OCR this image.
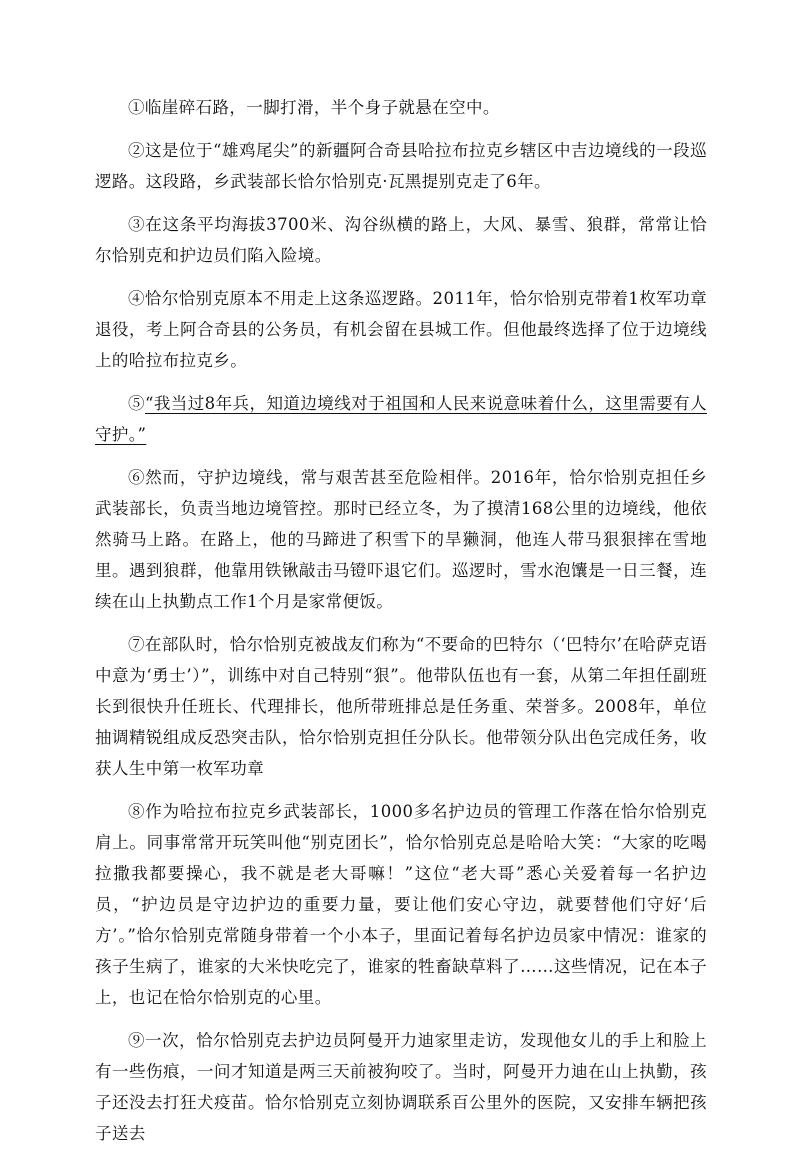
①临崖碎石路，一脚打滑，半个身子就悬在空中。

②这是位于“雄鸡尾尖”的新疆阿合奇县哈拉布拉克乡辖区中吉边境线的一段巡逻路。这段路，乡武装部长恰尔恰别克·瓦黑提别克走了6年。

③在这条平均海拔3700米、沟谷纵横的路上，大风、暴雪、狼群，常常让恰尔恰别克和护边员们陷入险境。

④恰尔恰别克原本不用走上这条巡逻路。2011年，恰尔恰别克带着1枚军功章退役，考上阿合奇县的公务员，有机会留在县城工作。但他最终选择了位于边境线上的哈拉布拉克乡。

⑤“我当过8年兵，知道边境线对于祖国和人民来说意味着什么，这里需要有人守护。”

⑥然而，守护边境线，常与艰苦甚至危险相伴。2016年，恰尔恰别克担任乡武装部长，负责当地边境管控。那时已经立冬，为了摸清168公里的边境线，他依然骑马上路。在路上，他的马蹄进了积雪下的旱獭洞，他连人带马狠狠摔在雪地里。遇到狼群，他靠用铁锹敲击马镫吓退它们。巡逻时，雪水泡馕是一日三餐，连续在山上执勤点工作1个月是家常便饭。

⑦在部队时，恰尔恰别克被战友们称为“不要命的巴特尔（‘巴特尔’在哈萨克语中意为‘勇士’）”，训练中对自己特别“狠”。他带队伍也有一套，从第二年担任副班长到很快升任班长、代理排长，他所带班排总是任务重、荣誉多。2008年，单位抽调精锐组成反恐突击队，恰尔恰别克担任分队长。他带领分队出色完成任务，收获人生中第一枚军功章

⑧作为哈拉布拉克乡武装部长，1000多名护边员的管理工作落在恰尔恰别克肩上。同事常常开玩笑叫他“别克团长”，恰尔恰别克总是哈哈大笑：“大家的吃喝拉撒我都要操心，我不就是老大哥嘛！”这位“老大哥”悉心关爱着每一名护边员，“护边员是守边护边的重要力量，要让他们安心守边，就要替他们守好‘后方’。”恰尔恰别克常随身带着一个小本子，里面记着每名护边员家中情况：谁家的孩子生病了，谁家的大米快吃完了，谁家的牲畜缺草料了……这些情况，记在本子上，也记在恰尔恰别克的心里。

⑨一次，恰尔恰别克去护边员阿曼开力迪家里走访，发现他女儿的手上和脸上有一些伤痕，一问才知道是两三天前被狗咬了。当时，阿曼开力迪在山上执勤，孩子还没去打狂犬疫苗。恰尔恰别克立刻协调联系百公里外的医院，又安排车辆把孩子送去
